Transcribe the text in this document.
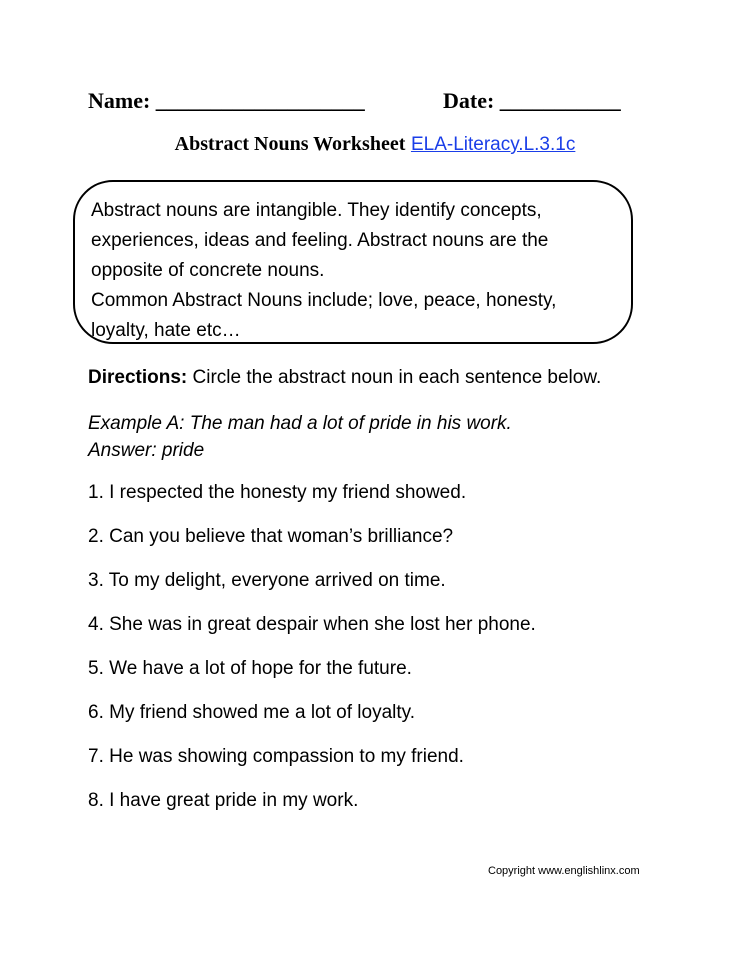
Name: ___________________	Date: ___________
Abstract Nouns Worksheet ELA-Literacy.L.3.1c
Abstract nouns are intangible. They identify concepts,
experiences, ideas and feeling. Abstract nouns are the
opposite of concrete nouns.
Common Abstract Nouns include; love, peace, honesty,
loyalty, hate etc…
Directions: Circle the abstract noun in each sentence below.
Example A: The man had a lot of pride in his work.
Answer: pride
1. I respected the honesty my friend showed.
2. Can you believe that woman’s brilliance?
3. To my delight, everyone arrived on time.
4. She was in great despair when she lost her phone.
5. We have a lot of hope for the future.
6. My friend showed me a lot of loyalty.
7. He was showing compassion to my friend.
8. I have great pride in my work.
Copyright www.englishlinx.com
